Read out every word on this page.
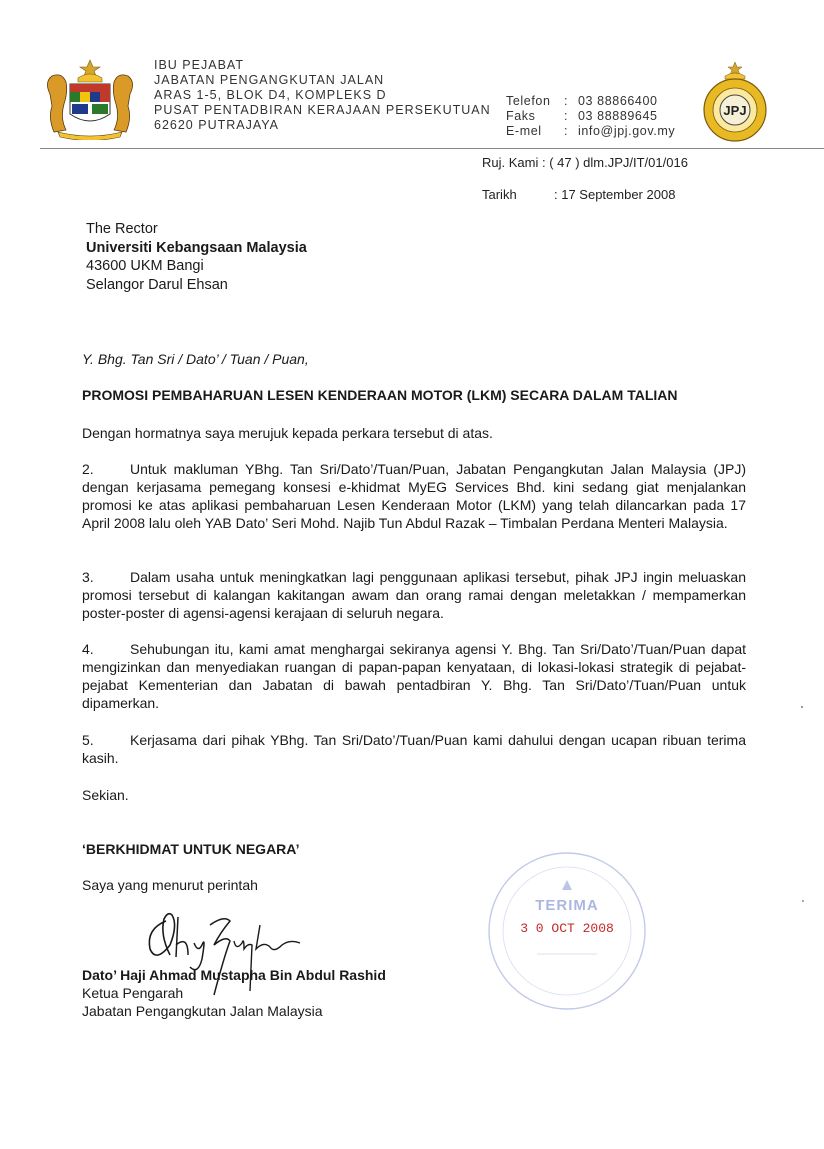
IBU PEJABAT
JABATAN PENGANGKUTAN JALAN
ARAS 1-5, BLOK D4, KOMPLEKS D
PUSAT PENTADBIRAN KERAJAAN PERSEKUTUAN
62620 PUTRAJAYA
Telefon : 03 88866400
Faks : 03 88889645
E-mel : info@jpj.gov.my
JPJ
Ruj. Kami : ( 47 ) dlm.JPJ/IT/01/016
Tarikh	: 17 September 2008
The Rector
Universiti Kebangsaan Malaysia
43600 UKM Bangi
Selangor Darul Ehsan
Y. Bhg. Tan Sri / Dato’ / Tuan / Puan,
PROMOSI PEMBAHARUAN LESEN KENDERAAN MOTOR (LKM) SECARA DALAM TALIAN
Dengan hormatnya saya merujuk kepada perkara tersebut di atas.
2.	Untuk makluman YBhg. Tan Sri/Dato’/Tuan/Puan, Jabatan Pengangkutan Jalan Malaysia (JPJ) dengan kerjasama pemegang konsesi e-khidmat MyEG Services Bhd. kini sedang giat menjalankan promosi ke atas aplikasi pembaharuan Lesen Kenderaan Motor (LKM) yang telah dilancarkan pada 17 April 2008 lalu oleh YAB Dato’ Seri Mohd. Najib Tun Abdul Razak – Timbalan Perdana Menteri Malaysia.
3.	Dalam usaha untuk meningkatkan lagi penggunaan aplikasi tersebut, pihak JPJ ingin meluaskan promosi tersebut di kalangan kakitangan awam dan orang ramai dengan meletakkan / mempamerkan poster-poster di agensi-agensi kerajaan di seluruh negara.
4.	Sehubungan itu, kami amat menghargai sekiranya agensi Y. Bhg. Tan Sri/Dato’/Tuan/Puan dapat mengizinkan dan menyediakan ruangan di papan-papan kenyataan, di lokasi-lokasi strategik di pejabat-pejabat Kementerian dan Jabatan di bawah pentadbiran Y. Bhg. Tan Sri/Dato’/Tuan/Puan untuk dipamerkan.
5.	Kerjasama dari pihak YBhg. Tan Sri/Dato’/Tuan/Puan kami dahului dengan ucapan ribuan terima kasih.
Sekian.
‘BERKHIDMAT UNTUK NEGARA’
Saya yang menurut perintah
Dato’ Haji Ahmad Mustapha Bin Abdul Rashid
Ketua Pengarah
Jabatan Pengangkutan Jalan Malaysia
TERIMA
3 0 OCT 2008
